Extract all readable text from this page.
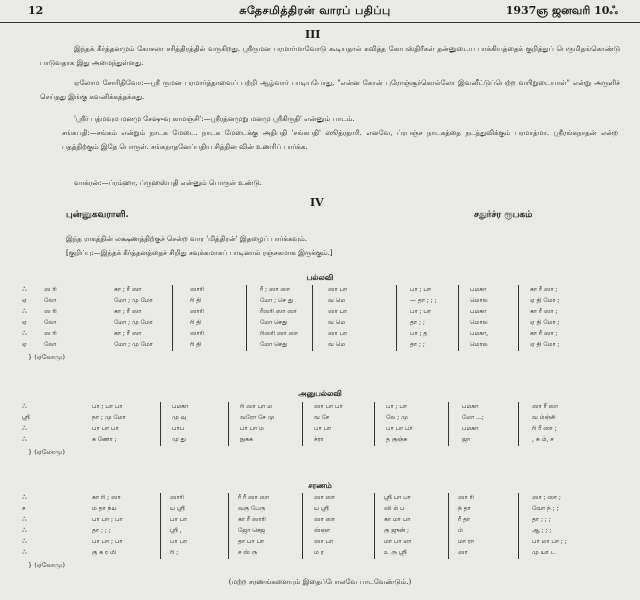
12	சுதேசமித்திரன் வாரப் பதிப்பு	1937ஞ ஜனவரி 10ஃ
III
இந்தக் கீர்த்தனமும் கோசலா சரித்திரத்தில் வருகிறது. ஸ்ரீருமன பரமார்மாவோடு கூடியதால் கவித்த கோபஸ்திரீகள் தன்னுடைய பாக்கியத்தைக் குறித்துப் பெருமிதங்கொண்டு பாடுவதாக இது அமைந்துள்ளது.
ஏலோம சோரிதிவோ:—ஸ்ரீ ருமன பரமார்த்தாவைப் பற்றி ஆழ்வார் பாடியபோது, "என்ன கோன் புரோஞ்சூர்கொல்லோ இவனீட்டுப்பெற்ற வயிறுடையாள்" என்று அருளிச் செய்தது இங்கு கவனிக்கத்தக்கது.
'ஸ்ரீர் பத்மவும மனமு சேஷுவு காமஞ்சி':—ஸ்ரீரத்னமுறு மனமு ஸ்ரீகிருதி' என்னும் பாடம்.
சங்கபதி:—சங்கம் என்றும் நாடக மேடை. நாடக மேடைக்கு அதிபதி 'சங்கபதி' ஸூத்ரதாரி. எனவே, ப்ரபஞ்ச நாடகத்தை நடத்துவிக்கும் பரமாத்மா. ஸ்ரீரங்கநாதன் என்ற பதத்திற்கும் இதே பொருள். சங்கநாதனேப்பதிய சித்தின வின் உணரிப் பார்க்க.
வாக்ரன்:—ப்ரம்ஹா, ப்ருஹஸ்பதி என்னும் பொருள் உண்டு.
IV
புன்னுகவராளி.	சதுர்ச்ர ரூபகம்
இந்த ராகத்தின் லக்ஷணத்திற்குச் சென்ற வார 'மித்திரன்' இதழைப் பார்க்கவும்.
[குறிப்பு:—இந்தக் கீர்த்தனத்தைச் சிறிது சவுக்கமாகப் பாடினால் ரஞ்சகமாக இருக்கும்.]
பல்லவி
ஃ	ஸ ரி	கா ; ரீ ஸா	ஸாரி	ரீ ; ஸா ஸா	ஸா பா	பா ; பா	பமகா	கா ரீ ஸா ;
ஏ	லோ	மோ ; மு மோ	ரி தி	மோ ; செ து	வ மெ	— தா ; ; ;	மொல	ஏ தி மோ ;
ஃ	ஸ ரி	கா ; ரீ ஸா	ஸாரி	ரீஸரி ஸா ஸா	ஸா பா	பா ; பா	பமகா	கா ரீ ஸா ;
ஏ	லோ	மோ ; மு மோ	ரி தி	மோ செது	வ மெ	தா ; ;	மொல	ஏ தி மோ ;
ஃ	ஸ ரி	கா ; ரீ ஸா	ஸாரி	ரிஸரி ஸா ஸா	ஸா பா	பா ; த	பமகா,	கா ரீ ஸா ;
ஏ	லோ	மோ ; மு மோ	ரி தி	மோ செது	வ மெ	தா ; ;	மொல	ஏ தி மோ ;
} (ஏலோமு)
அனுபல்லவி
ஃ	பா ; பா பா	பமகா	ரி ஸா பா ம	ஸா பா பா	பா ; பா	பமகா	ஸா ரீ ஸா
ஸ்ரீ	நா ; மு மோ	மு வு	வரோ சே மு	வ சே	லே ; மு	மோ ...;	வ ம்ஞ்சி
ஃ	பா பா பா	பாப	பா பா ம	பா பா	பா பா பா	பமகா	ரி ரீ ஸா ;
ஃ	க ணோ ;	மு து	நுகசு	ச்ரா	த குஞ்சு	ஜா	, சு ம், ச
} (ஏலோமு)
சரணம்
ஃ	கா ரி ; ஸா	ஸாரி	ரீ ரீ ஸா ஸா	ஸா ஸா	ஸ்ரீ பா பா	ஸா ரி	ஸா ; ஸா ;
ச	ம தா ந்ய	ய ஸ்ரீ	வகு பேரு	ய ஸ்ரீ	ஸி ம் ப	ந் தா	வோ ந் ; ;
ஃ	பா பா ; பா	பா பா	கா ரீ ஸாரி	ஸா ஸா	கா மா பா	ரீ தா	தா ; ; ;
ஃ	தா ; ; ;	ஸ்ரீ ,	ஜோ செஜ	ஸ்ஞா	கு ஜுன் ;	ம்	ஆ ; ; ;
ஃ	பா பா ; பா	பா பா	தா பா பா	ஸா பா	மா பா மா	மா ரா	பா மா பா ; ;
ஃ	கு க ர மி	ரி ;	ச ஸ் ரு	ம ர	உ ரு ஸ்ரீ	ஸா	மு யா ட
} (ஏலோமு)
(மற்ற சரணங்களையும் இதைப்போலவே பாடவேண்டும்.)
